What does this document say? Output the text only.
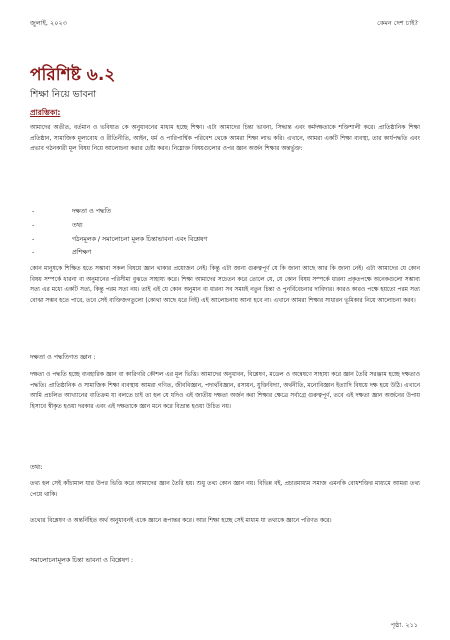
জুলাই, ২০২৩	কেমন দেশ চাই?
পরিশিষ্ট ৬.২
শিক্ষা নিয়ে ভাবনা
প্রারম্ভিকা:

আমাদের অতীত, বর্তমান ও ভবিষ্যত কে অনুধাবনের মাধ্যম হচ্ছে শিক্ষা। এটা আমাদের চিন্তা ভাবনা, সিদ্ধান্ত এবং কর্মদক্ষতাকে শক্তিশালী করে। প্রাতিষ্ঠানিক শিক্ষা প্রতিষ্ঠান, সামাজিক মূল্যবোধ ও রীতিনীতি, আইন, ধর্ম ও পারিপার্শ্বিক পরিবেশ থেকে আমরা শিক্ষা লাভ করি। এখানে, আমরা একটি শিক্ষা ব্যবস্থা, তার কার্যপদ্ধতি এবং প্রভাব গঠনকারী মূল বিষয় নিয়ে আলোচনা করার চেষ্টা করব। নিম্নোক্ত বিষয়গুলোর ওপর জ্ঞান অর্জন শিক্ষার অন্তর্ভুক্ত:

-	দক্ষতা ও পদ্ধতি
-	তথ্য
-	গঠনমূলক / সমালোচনা মূলক চিন্তাভাবনা এবং বিশ্লেষণ
-	প্রশিক্ষণ

কোন মানুষকে শিক্ষিত হতে সম্ভাব্য সকল বিষয়ে জ্ঞান থাকার প্রয়োজন নেই। কিন্তু এটা জানা গুরুত্বপূর্ণ যে কি জানা আছে আর কি জানা নেই। এটা আমাদের যে কোন বিষয় সম্পর্কে ধারনা বা অনুমানের পরিসীমা বুঝতে সাহায্য করে। শিক্ষা আমাদের সচেতন করে তোলে যে, যে কোন বিষয় সম্পর্কে ধারনা প্রকৃতপক্ষে অনেকগুলো সম্ভাব্য সত্য এর মধ্যে একটি সত্য, কিন্তু পরম সত্য নয়। তাই এই যে কোন অনুমান বা ধারনা সব সময়ই নতুন চিন্তা ও পুনর্বিবেচনার দাবিদার। কারও কারও পক্ষে হয়তো পরম সত্য বোঝা সম্ভব হতে পারে, তবে সেই ব্যক্তিজগতুলো (কোথা আছে ধরে নিই) এই আলোচনায় আনা হবে না। এখানে আমরা শিক্ষার সাধারন ভূমিকার নিয়ে আলোচনা করব।

দক্ষতা ও পদ্ধতিগত জ্ঞান :

দক্ষতা ও পদ্ধতি হচ্ছে ব্যবহারিক জ্ঞান বা কারিগরি কৌশল এর মূল ভিত্তি। আমাদের অনুধাবন, বিশ্লেষণ, মডেল ও অন্বেষণে সাহায্য করে জ্ঞান তৈরি সরঞ্জাম হচ্ছে দক্ষতাও পদ্ধতি। প্রাতিষ্ঠানিক ও সামাজিক শিক্ষা ব্যবস্থায় আমরা গণিত, জীববিজ্ঞান, পদার্থবিজ্ঞান, রসায়ন, যুক্তিবিদ্যা, অর্থনীতি, মনোবিজ্ঞান ইত্যাদি বিষয়ে দক্ষ হয়ে উঠি। এখানে আমি প্রচলিত আখ্যানের ব্যতিক্রম যা বলতে চাই তা হল যে যদিও এই জাতীয় দক্ষতা অর্জন করা শিক্ষার ক্ষেত্রে সর্বাগ্রে গুরুত্বপূর্ণ, তবে এই দক্ষতা জ্ঞান অর্জনের উপায় হিসাবে স্বীকৃত হওয়া দরকার এবং এই দক্ষতাকে জ্ঞান মনে করে বিভ্রান্ত হওয়া উচিত নয়।

তথ্য:

তথ্য হল সেই কাঁচামাল যার উপর ভিত্তি করে আমাদের জ্ঞান তৈরি হয়। শুধু তথ্য কোন জ্ঞান নয়। বিভিন্ন বই, প্রচারমাধ্যম সমাজ এমনকি বোধশক্তির মাধ্যমে আমরা তথ্য পেয়ে থাকি।

তথ্যের বিশ্লেষণ ও অন্তর্নিহিত অর্থ অনুধাবনই একে জ্ঞানে রূপান্তর করে। আর শিক্ষা হচ্ছে সেই মাধ্যম যা তথ্যকে জ্ঞানে পরিণত করে।

সমালোচনামূলক চিন্তা ভাবনা ও বিশ্লেষণ :
পৃষ্ঠা. ২১১
